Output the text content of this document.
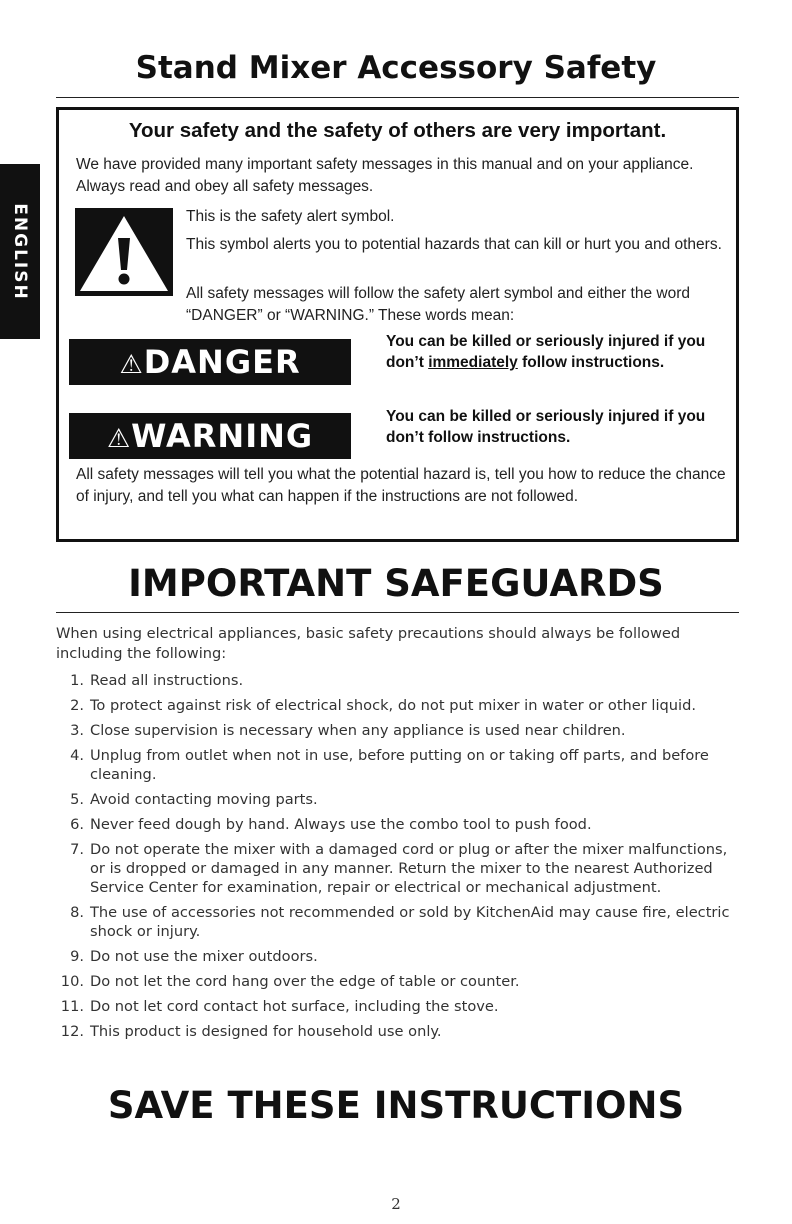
ENGLISH
Stand Mixer Accessory Safety
Your safety and the safety of others are very important.
We have provided many important safety messages in this manual and on your appliance. Always read and obey all safety messages.
This is the safety alert symbol.
This symbol alerts you to potential hazards that can kill or hurt you and others.
All safety messages will follow the safety alert symbol and either the word “DANGER” or “WARNING.” These words mean:
⚠DANGER
You can be killed or seriously injured if you don’t immediately follow instructions.
⚠WARNING
You can be killed or seriously injured if you don’t follow instructions.
All safety messages will tell you what the potential hazard is, tell you how to reduce the chance of injury, and tell you what can happen if the instructions are not followed.
IMPORTANT SAFEGUARDS
When using electrical appliances, basic safety precautions should always be followed including the following:
1. Read all instructions.
2. To protect against risk of electrical shock, do not put mixer in water or other liquid.
3. Close supervision is necessary when any appliance is used near children.
4. Unplug from outlet when not in use, before putting on or taking off parts, and before cleaning.
5. Avoid contacting moving parts.
6. Never feed dough by hand. Always use the combo tool to push food.
7. Do not operate the mixer with a damaged cord or plug or after the mixer malfunctions, or is dropped or damaged in any manner. Return the mixer to the nearest Authorized Service Center for examination, repair or electrical or mechanical adjustment.
8. The use of accessories not recommended or sold by KitchenAid may cause fire, electric shock or injury.
9. Do not use the mixer outdoors.
10. Do not let the cord hang over the edge of table or counter.
11. Do not let cord contact hot surface, including the stove.
12. This product is designed for household use only.
SAVE THESE INSTRUCTIONS
2
